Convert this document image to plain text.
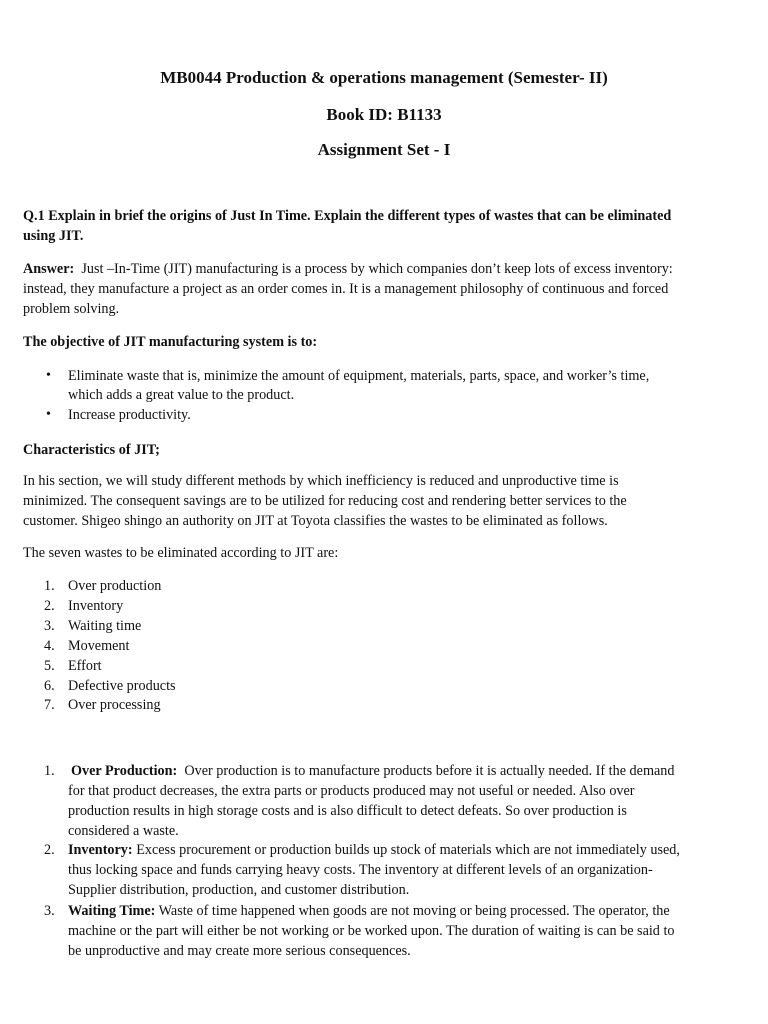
MB0044 Production & operations management (Semester- II)
Book ID: B1133
Assignment Set - I
Q.1 Explain in brief the origins of Just In Time. Explain the different types of wastes that can be eliminated
using JIT.
Answer: Just –In-Time (JIT) manufacturing is a process by which companies don’t keep lots of excess inventory:
instead, they manufacture a project as an order comes in. It is a management philosophy of continuous and forced
problem solving.
The objective of JIT manufacturing system is to:
• Eliminate waste that is, minimize the amount of equipment, materials, parts, space, and worker’s time,
which adds a great value to the product.
• Increase productivity.
Characteristics of JIT;
In his section, we will study different methods by which inefficiency is reduced and unproductive time is
minimized. The consequent savings are to be utilized for reducing cost and rendering better services to the
customer. Shigeo shingo an authority on JIT at Toyota classifies the wastes to be eliminated as follows.
The seven wastes to be eliminated according to JIT are:
1. Over production
2. Inventory
3. Waiting time
4. Movement
5. Effort
6. Defective products
7. Over processing
1. Over Production: Over production is to manufacture products before it is actually needed. If the demand
for that product decreases, the extra parts or products produced may not useful or needed. Also over
production results in high storage costs and is also difficult to detect defeats. So over production is
considered a waste.
2. Inventory: Excess procurement or production builds up stock of materials which are not immediately used,
thus locking space and funds carrying heavy costs. The inventory at different levels of an organization-
Supplier distribution, production, and customer distribution.
3. Waiting Time: Waste of time happened when goods are not moving or being processed. The operator, the
machine or the part will either be not working or be worked upon. The duration of waiting is can be said to
be unproductive and may create more serious consequences.
